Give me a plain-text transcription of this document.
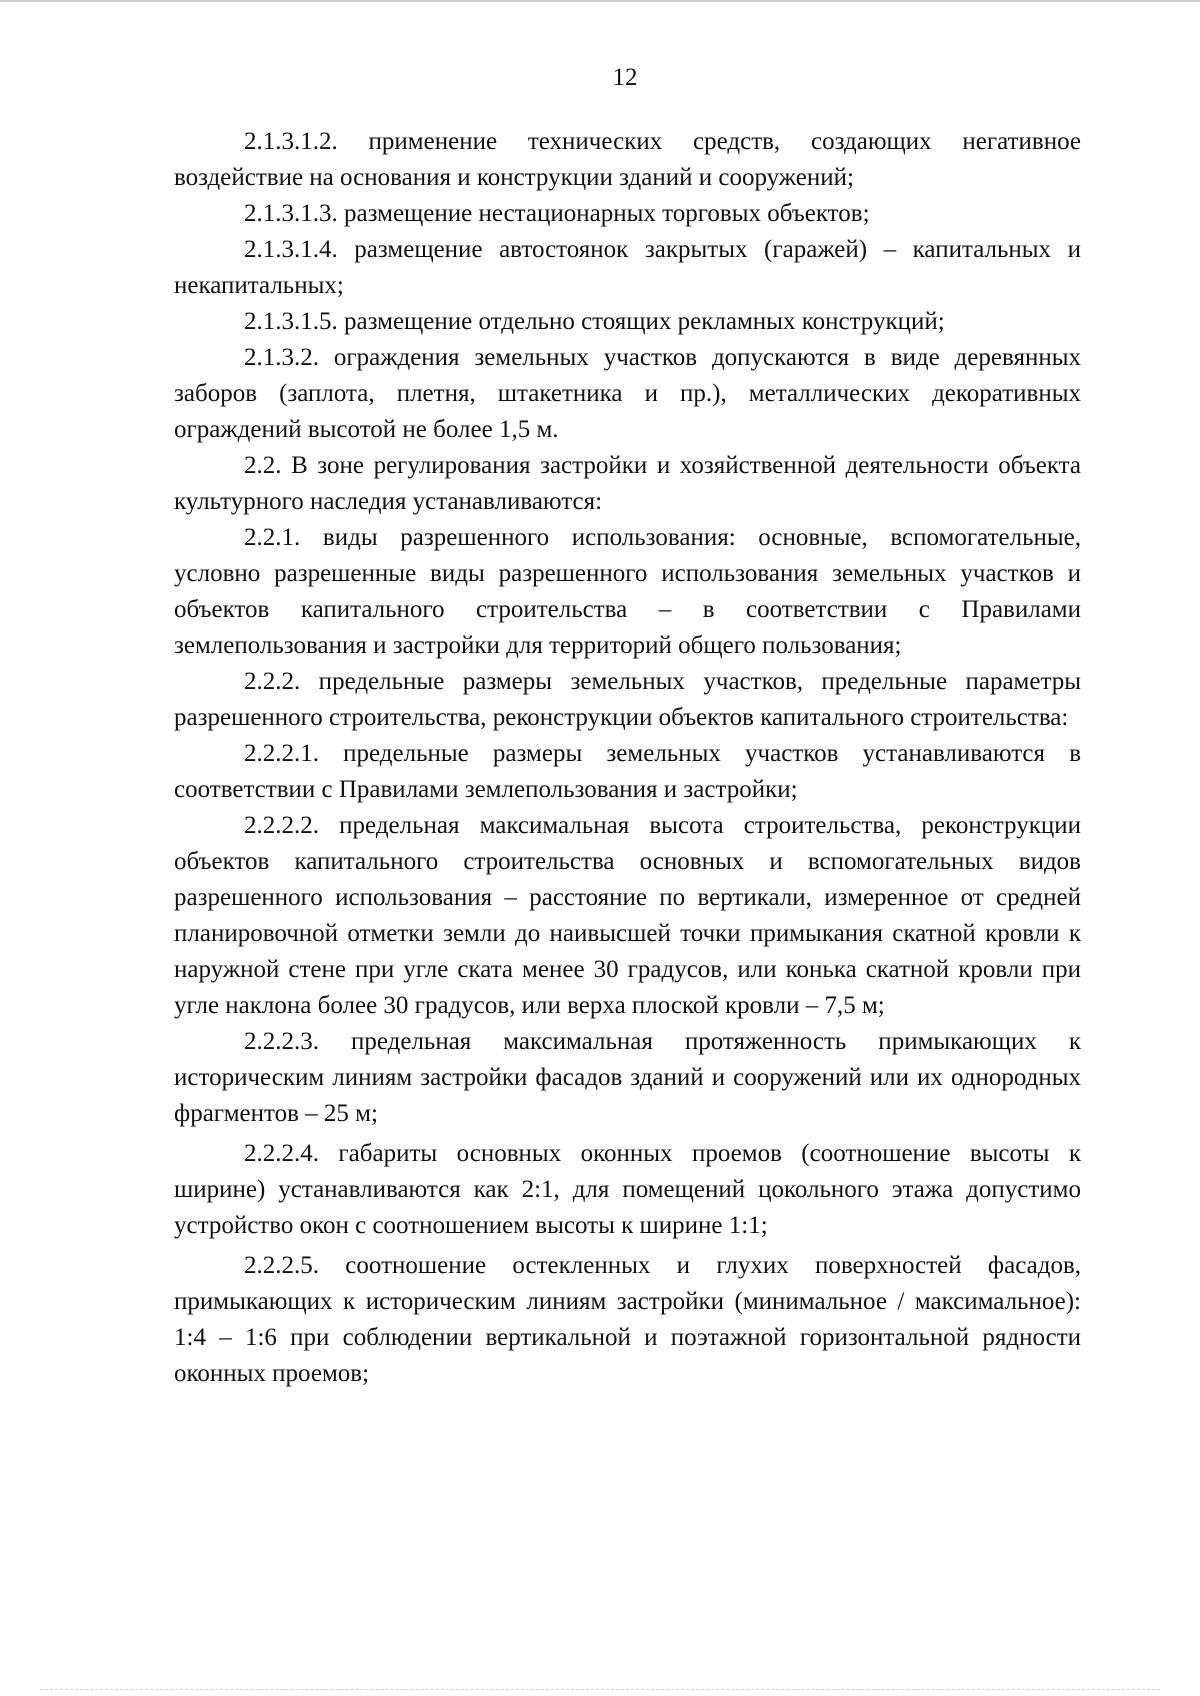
12

2.1.3.1.2. применение технических средств, создающих негативное воздействие на основания и конструкции зданий и сооружений;

2.1.3.1.3. размещение нестационарных торговых объектов;

2.1.3.1.4. размещение автостоянок закрытых (гаражей) – капитальных и некапитальных;

2.1.3.1.5. размещение отдельно стоящих рекламных конструкций;

2.1.3.2. ограждения земельных участков допускаются в виде деревянных заборов (заплота, плетня, штакетника и пр.), металлических декоративных ограждений высотой не более 1,5 м.

2.2. В зоне регулирования застройки и хозяйственной деятельности объекта культурного наследия устанавливаются:

2.2.1. виды разрешенного использования: основные, вспомогательные, условно разрешенные виды разрешенного использования земельных участков и объектов капитального строительства – в соответствии с Правилами землепользования и застройки для территорий общего пользования;

2.2.2. предельные размеры земельных участков, предельные параметры разрешенного строительства, реконструкции объектов капитального строительства:

2.2.2.1. предельные размеры земельных участков устанавливаются в соответствии с Правилами землепользования и застройки;

2.2.2.2. предельная максимальная высота строительства, реконструкции объектов капитального строительства основных и вспомогательных видов разрешенного использования – расстояние по вертикали, измеренное от средней планировочной отметки земли до наивысшей точки примыкания скатной кровли к наружной стене при угле ската менее 30 градусов, или конька скатной кровли при угле наклона более 30 градусов, или верха плоской кровли – 7,5 м;

2.2.2.3. предельная максимальная протяженность примыкающих к историческим линиям застройки фасадов зданий и сооружений или их однородных фрагментов – 25 м;

2.2.2.4. габариты основных оконных проемов (соотношение высоты к ширине) устанавливаются как 2:1, для помещений цокольного этажа допустимо устройство окон с соотношением высоты к ширине 1:1;

2.2.2.5. соотношение остекленных и глухих поверхностей фасадов, примыкающих к историческим линиям застройки (минимальное / максимальное): 1:4 – 1:6 при соблюдении вертикальной и поэтажной горизонтальной рядности оконных проемов;
